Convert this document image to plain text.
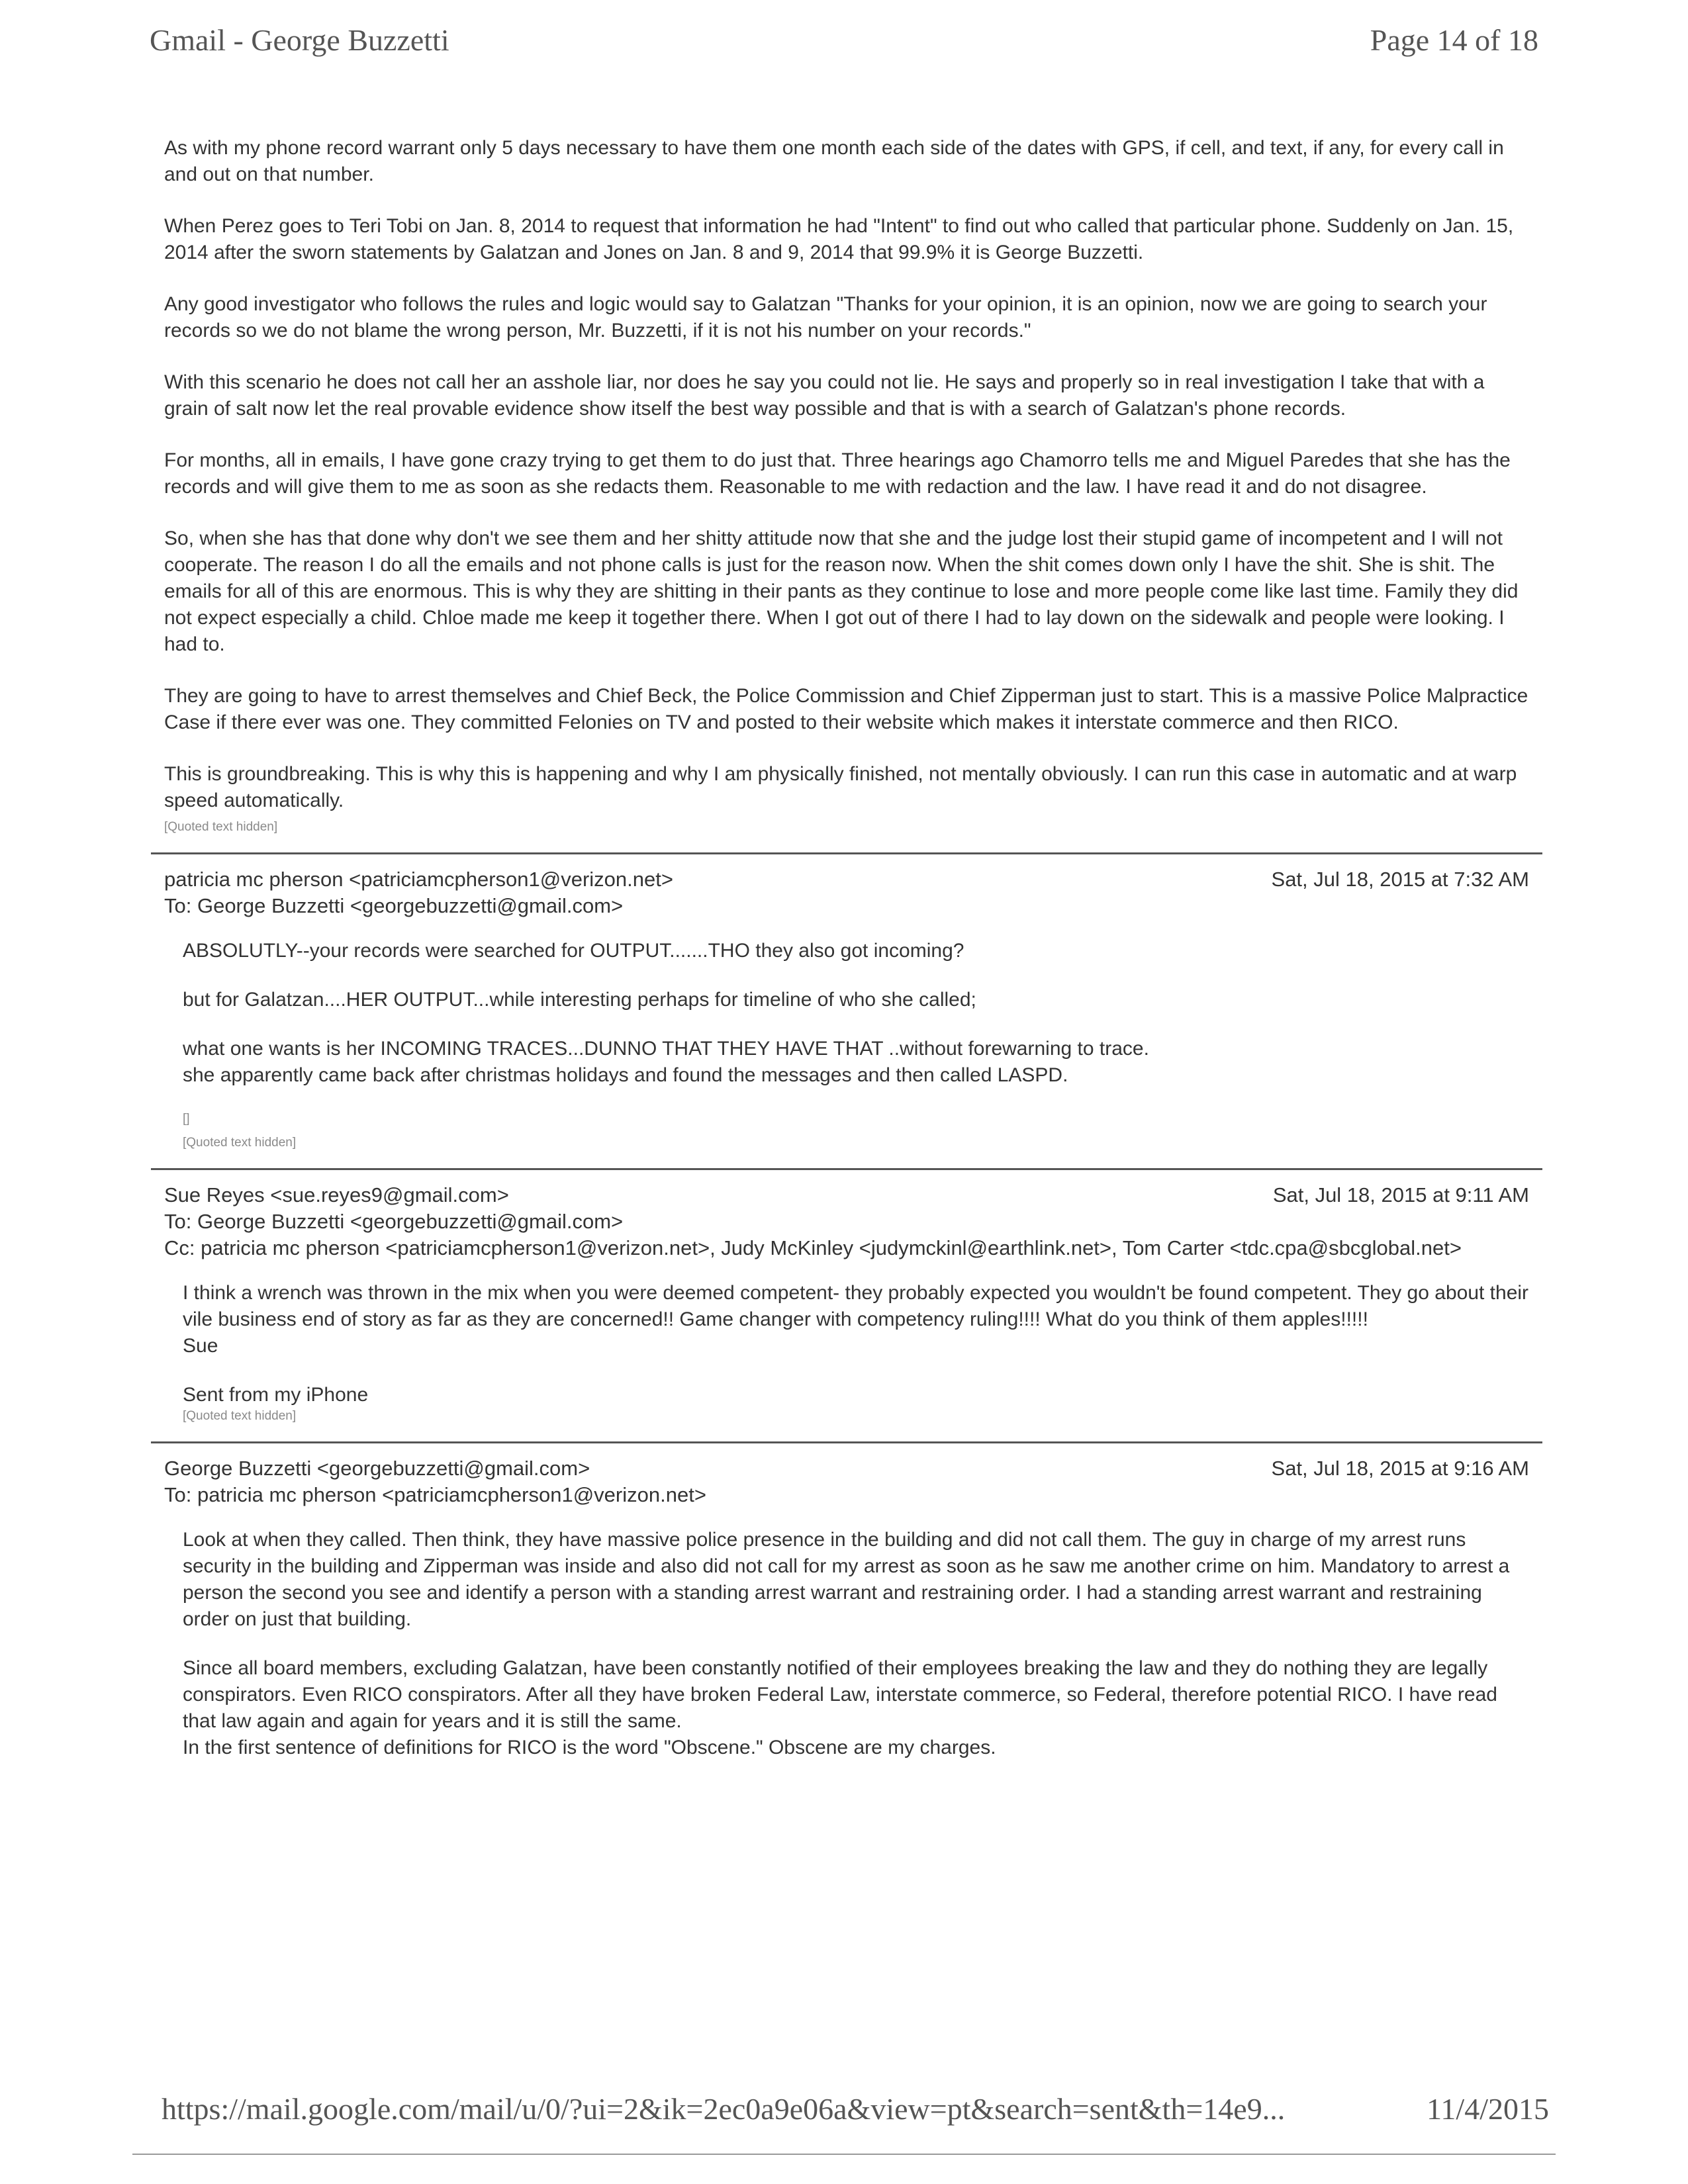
Gmail - George Buzzetti	Page 14 of 18

As with my phone record warrant only 5 days necessary to have them one month each side of the dates with GPS, if cell, and text, if any, for every call in and out on that number.

When Perez goes to Teri Tobi on Jan. 8, 2014 to request that information he had "Intent" to find out who called that particular phone. Suddenly on Jan. 15, 2014 after the sworn statements by Galatzan and Jones on Jan. 8 and 9, 2014 that 99.9% it is George Buzzetti.

Any good investigator who follows the rules and logic would say to Galatzan "Thanks for your opinion, it is an opinion, now we are going to search your records so we do not blame the wrong person, Mr. Buzzetti, if it is not his number on your records."

With this scenario he does not call her an asshole liar, nor does he say you could not lie. He says and properly so in real investigation I take that with a grain of salt now let the real provable evidence show itself the best way possible and that is with a search of Galatzan's phone records.

For months, all in emails, I have gone crazy trying to get them to do just that. Three hearings ago Chamorro tells me and Miguel Paredes that she has the records and will give them to me as soon as she redacts them. Reasonable to me with redaction and the law. I have read it and do not disagree.

So, when she has that done why don't we see them and her shitty attitude now that she and the judge lost their stupid game of incompetent and I will not cooperate. The reason I do all the emails and not phone calls is just for the reason now. When the shit comes down only I have the shit. She is shit. The emails for all of this are enormous. This is why they are shitting in their pants as they continue to lose and more people come like last time. Family they did not expect especially a child. Chloe made me keep it together there. When I got out of there I had to lay down on the sidewalk and people were looking. I had to.

They are going to have to arrest themselves and Chief Beck, the Police Commission and Chief Zipperman just to start. This is a massive Police Malpractice Case if there ever was one. They committed Felonies on TV and posted to their website which makes it interstate commerce and then RICO.

This is groundbreaking. This is why this is happening and why I am physically finished, not mentally obviously. I can run this case in automatic and at warp speed automatically.

[Quoted text hidden]
patricia mc pherson <patriciamcpherson1@verizon.net>	Sat, Jul 18, 2015 at 7:32 AM
To: George Buzzetti <georgebuzzetti@gmail.com>

ABSOLUTLY--your records were searched for OUTPUT.......THO they also got incoming?

but for Galatzan....HER OUTPUT...while interesting perhaps for timeline of who she called;

what one wants is her INCOMING TRACES...DUNNO THAT THEY HAVE THAT ..without forewarning to trace.

she apparently came back after christmas holidays and found the messages and then called LASPD.

[]
[Quoted text hidden]
Sue Reyes <sue.reyes9@gmail.com>	Sat, Jul 18, 2015 at 9:11 AM
To: George Buzzetti <georgebuzzetti@gmail.com>
Cc: patricia mc pherson <patriciamcpherson1@verizon.net>, Judy McKinley <judymckinl@earthlink.net>, Tom Carter <tdc.cpa@sbcglobal.net>

I think a wrench was thrown in the mix when you were deemed competent- they probably expected you wouldn't be found competent. They go about their vile business end of story as far as they are concerned!! Game changer with competency ruling!!!! What do you think of them apples!!!!!

Sue

Sent from my iPhone

[Quoted text hidden]
George Buzzetti <georgebuzzetti@gmail.com>	Sat, Jul 18, 2015 at 9:16 AM
To: patricia mc pherson <patriciamcpherson1@verizon.net>

Look at when they called. Then think, they have massive police presence in the building and did not call them. The guy in charge of my arrest runs security in the building and Zipperman was inside and also did not call for my arrest as soon as he saw me another crime on him. Mandatory to arrest a person the second you see and identify a person with a standing arrest warrant and restraining order. I had a standing arrest warrant and restraining order on just that building.

Since all board members, excluding Galatzan, have been constantly notified of their employees breaking the law and they do nothing they are legally conspirators. Even RICO conspirators. After all they have broken Federal Law, interstate commerce, so Federal, therefore potential RICO. I have read that law again and again for years and it is still the same.

In the first sentence of definitions for RICO is the word "Obscene." Obscene are my charges.

https://mail.google.com/mail/u/0/?ui=2&ik=2ec0a9e06a&view=pt&search=sent&th=14e9...	11/4/2015
